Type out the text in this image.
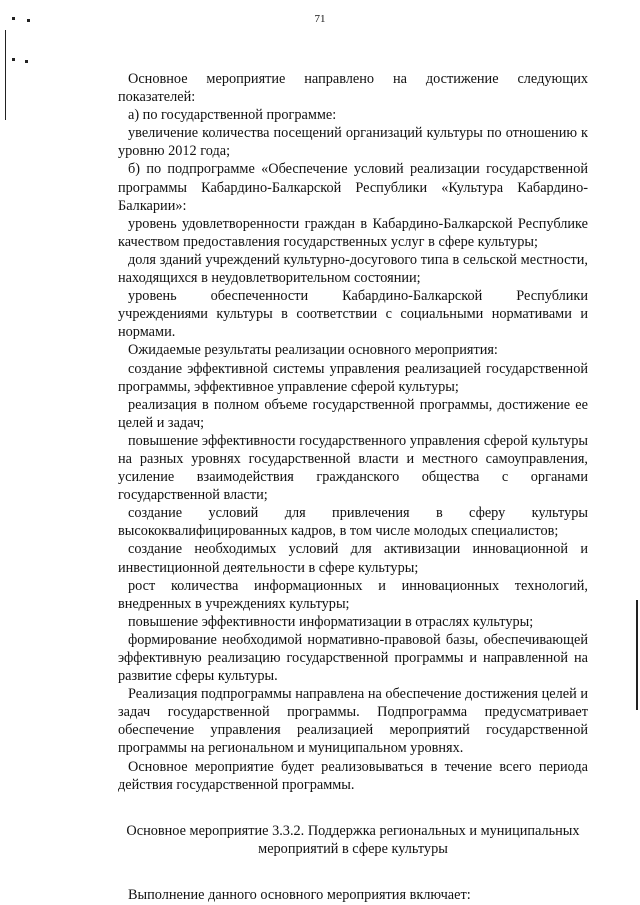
71

Основное мероприятие направлено на достижение следующих показателей:

а) по государственной программе:

увеличение количества посещений организаций культуры по отношению к уровню 2012 года;

б) по подпрограмме «Обеспечение условий реализации государственной программы Кабардино-Балкарской Республики «Культура Кабардино-Балкарии»:

уровень удовлетворенности граждан в Кабардино-Балкарской Республике качеством предоставления государственных услуг в сфере культуры;

доля зданий учреждений культурно-досугового типа в сельской местности, находящихся в неудовлетворительном состоянии;

уровень обеспеченности Кабардино-Балкарской Республики учреждениями культуры в соответствии с социальными нормативами и нормами.

Ожидаемые результаты реализации основного мероприятия:

создание эффективной системы управления реализацией государственной программы, эффективное управление сферой культуры;

реализация в полном объеме государственной программы, достижение ее целей и задач;

повышение эффективности государственного управления сферой культуры на разных уровнях государственной власти и местного самоуправления, усиление взаимодействия гражданского общества с органами государственной власти;

создание условий для привлечения в сферу культуры высококвалифицированных кадров, в том числе молодых специалистов;

создание необходимых условий для активизации инновационной и инвестиционной деятельности в сфере культуры;

рост количества информационных и инновационных технологий, внедренных в учреждениях культуры;

повышение эффективности информатизации в отраслях культуры;

формирование необходимой нормативно-правовой базы, обеспечивающей эффективную реализацию государственной программы и направленной на развитие сферы культуры.

Реализация подпрограммы направлена на обеспечение достижения целей и задач государственной программы. Подпрограмма предусматривает обеспечение управления реализацией мероприятий государственной программы на региональном и муниципальном уровнях.

Основное мероприятие будет реализовываться в течение всего периода действия государственной программы.

Основное мероприятие 3.3.2. Поддержка региональных и муниципальных мероприятий в сфере культуры

Выполнение данного основного мероприятия включает:
